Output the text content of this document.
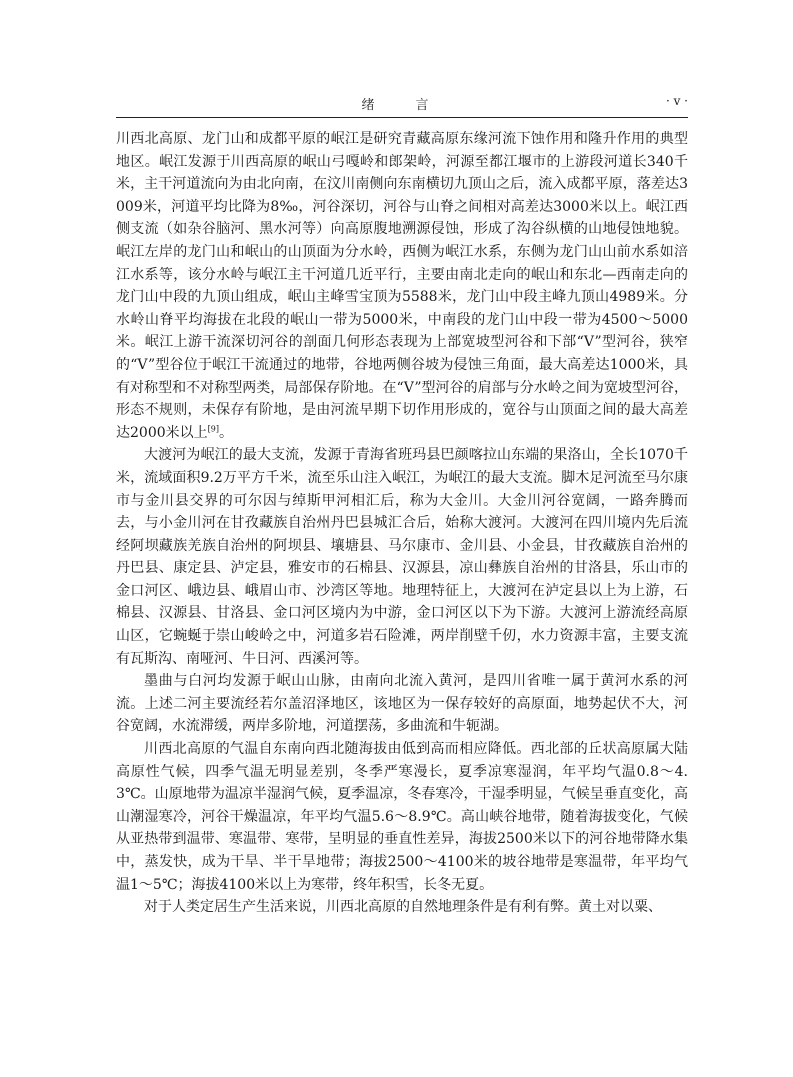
绪　言	· v ·

川西北高原、龙门山和成都平原的岷江是研究青藏高原东缘河流下蚀作用和隆升作用的典型地区。岷江发源于川西高原的岷山弓嘎岭和郎架岭，河源至都江堰市的上游段河道长340千米，主干河道流向为由北向南，在汶川南侧向东南横切九顶山之后，流入成都平原，落差达3009米，河道平均比降为8‰，河谷深切，河谷与山脊之间相对高差达3000米以上。岷江西侧支流（如杂谷脑河、黑水河等）向高原腹地溯源侵蚀，形成了沟谷纵横的山地侵蚀地貌。岷江左岸的龙门山和岷山的山顶面为分水岭，西侧为岷江水系，东侧为龙门山山前水系如涪江水系等，该分水岭与岷江主干河道几近平行，主要由南北走向的岷山和东北—西南走向的龙门山中段的九顶山组成，岷山主峰雪宝顶为5588米，龙门山中段主峰九顶山4989米。分水岭山脊平均海拔在北段的岷山一带为5000米，中南段的龙门山中段一带为4500～5000米。岷江上游干流深切河谷的剖面几何形态表现为上部宽坡型河谷和下部“V”型河谷，狭窄的“V”型谷位于岷江干流通过的地带，谷地两侧谷坡为侵蚀三角面，最大高差达1000米，具有对称型和不对称型两类，局部保存阶地。在“V”型河谷的肩部与分水岭之间为宽坡型河谷，形态不规则，未保存有阶地，是由河流早期下切作用形成的，宽谷与山顶面之间的最大高差达2000米以上[9]。

大渡河为岷江的最大支流，发源于青海省班玛县巴颜喀拉山东端的果洛山，全长1070千米，流域面积9.2万平方千米，流至乐山注入岷江，为岷江的最大支流。脚木足河流至马尔康市与金川县交界的可尔因与绰斯甲河相汇后，称为大金川。大金川河谷宽阔，一路奔腾而去，与小金川河在甘孜藏族自治州丹巴县城汇合后，始称大渡河。大渡河在四川境内先后流经阿坝藏族羌族自治州的阿坝县、壤塘县、马尔康市、金川县、小金县，甘孜藏族自治州的丹巴县、康定县、泸定县，雅安市的石棉县、汉源县，凉山彝族自治州的甘洛县，乐山市的金口河区、峨边县、峨眉山市、沙湾区等地。地理特征上，大渡河在泸定县以上为上游，石棉县、汉源县、甘洛县、金口河区境内为中游，金口河区以下为下游。大渡河上游流经高原山区，它蜿蜒于崇山峻岭之中，河道多岩石险滩，两岸削壁千仞，水力资源丰富，主要支流有瓦斯沟、南哑河、牛日河、西溪河等。

墨曲与白河均发源于岷山山脉，由南向北流入黄河，是四川省唯一属于黄河水系的河流。上述二河主要流经若尔盖沼泽地区，该地区为一保存较好的高原面，地势起伏不大，河谷宽阔，水流滞缓，两岸多阶地，河道摆荡，多曲流和牛轭湖。

川西北高原的气温自东南向西北随海拔由低到高而相应降低。西北部的丘状高原属大陆高原性气候，四季气温无明显差别，冬季严寒漫长，夏季凉寒湿润，年平均气温0.8～4.3℃。山原地带为温凉半湿润气候，夏季温凉，冬春寒冷，干湿季明显，气候呈垂直变化，高山潮湿寒冷，河谷干燥温凉，年平均气温5.6～8.9℃。高山峡谷地带，随着海拔变化，气候从亚热带到温带、寒温带、寒带，呈明显的垂直性差异，海拔2500米以下的河谷地带降水集中，蒸发快，成为干旱、半干旱地带；海拔2500～4100米的坡谷地带是寒温带，年平均气温1～5℃；海拔4100米以上为寒带，终年积雪，长冬无夏。

对于人类定居生产生活来说，川西北高原的自然地理条件是有利有弊。黄土对以粟、
